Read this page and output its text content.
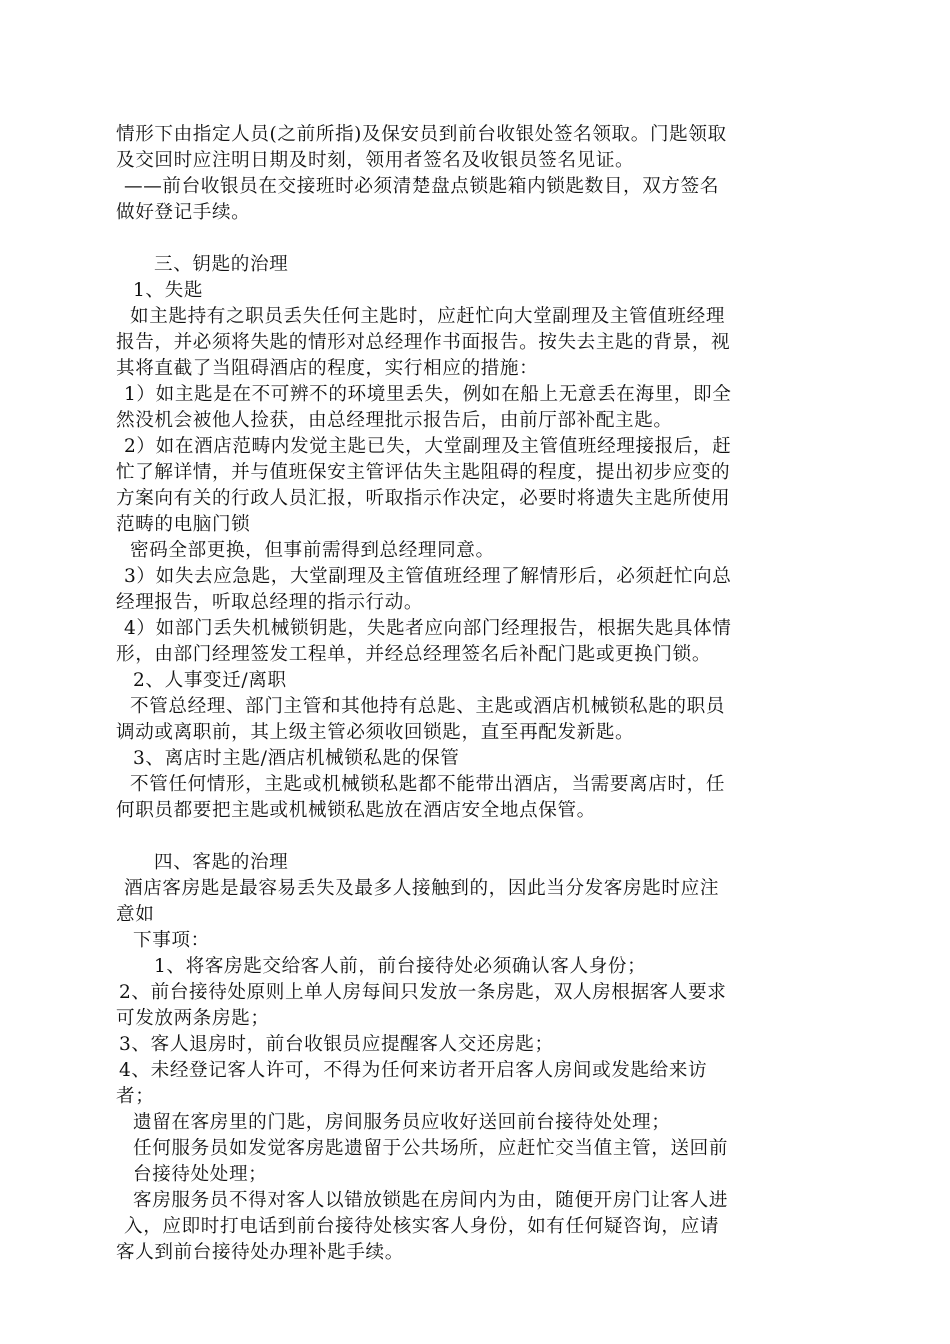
情形下由指定人员(之前所指)及保安员到前台收银处签名领取。门匙领取
及交回时应注明日期及时刻，领用者签名及收银员签名见证。
——前台收银员在交接班时必须清楚盘点锁匙箱内锁匙数目，双方签名
做好登记手续。
三、钥匙的治理
1、失匙
如主匙持有之职员丢失任何主匙时，应赶忙向大堂副理及主管值班经理
报告，并必须将失匙的情形对总经理作书面报告。按失去主匙的背景，视
其将直截了当阻碍酒店的程度，实行相应的措施：
1）如主匙是在不可辨不的环境里丢失，例如在船上无意丢在海里，即全
然没机会被他人捡获，由总经理批示报告后，由前厅部补配主匙。
2）如在酒店范畴内发觉主匙已失，大堂副理及主管值班经理接报后，赶
忙了解详情，并与值班保安主管评估失主匙阻碍的程度，提出初步应变的
方案向有关的行政人员汇报，听取指示作决定，必要时将遗失主匙所使用
范畴的电脑门锁
密码全部更换，但事前需得到总经理同意。
3）如失去应急匙，大堂副理及主管值班经理了解情形后，必须赶忙向总
经理报告，听取总经理的指示行动。
4）如部门丢失机械锁钥匙，失匙者应向部门经理报告，根据失匙具体情
形，由部门经理签发工程单，并经总经理签名后补配门匙或更换门锁。
2、人事变迁/离职
不管总经理、部门主管和其他持有总匙、主匙或酒店机械锁私匙的职员
调动或离职前，其上级主管必须收回锁匙，直至再配发新匙。
3、离店时主匙/酒店机械锁私匙的保管
不管任何情形，主匙或机械锁私匙都不能带出酒店，当需要离店时，任
何职员都要把主匙或机械锁私匙放在酒店安全地点保管。
四、客匙的治理
酒店客房匙是最容易丢失及最多人接触到的，因此当分发客房匙时应注
意如
下事项：
1、将客房匙交给客人前，前台接待处必须确认客人身份；
2、前台接待处原则上单人房每间只发放一条房匙，双人房根据客人要求
可发放两条房匙；
3、客人退房时，前台收银员应提醒客人交还房匙；
4、未经登记客人许可，不得为任何来访者开启客人房间或发匙给来访
者；
遗留在客房里的门匙，房间服务员应收好送回前台接待处处理；
任何服务员如发觉客房匙遗留于公共场所，应赶忙交当值主管，送回前
台接待处处理；
客房服务员不得对客人以错放锁匙在房间内为由，随便开房门让客人进
入，应即时打电话到前台接待处核实客人身份，如有任何疑咨询，应请
客人到前台接待处办理补匙手续。
